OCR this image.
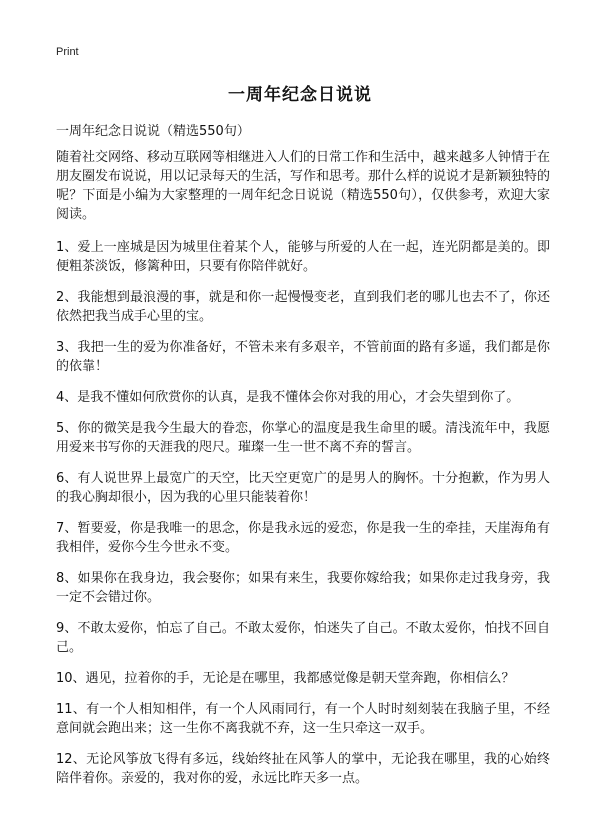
Print
一周年纪念日说说

一周年纪念日说说（精选550句）

随着社交网络、移动互联网等相继进入人们的日常工作和生活中，越来越多人钟情于在朋友圈发布说说，用以记录每天的生活，写作和思考。那什么样的说说才是新颖独特的呢？下面是小编为大家整理的一周年纪念日说说（精选550句），仅供参考，欢迎大家阅读。

1、爱上一座城是因为城里住着某个人，能够与所爱的人在一起，连光阴都是美的。即便粗茶淡饭，修篱种田，只要有你陪伴就好。

2、我能想到最浪漫的事，就是和你一起慢慢变老，直到我们老的哪儿也去不了，你还依然把我当成手心里的宝。

3、我把一生的爱为你准备好，不管未来有多艰辛，不管前面的路有多遥，我们都是你的依靠！

4、是我不懂如何欣赏你的认真，是我不懂体会你对我的用心，才会失望到你了。

5、你的微笑是我今生最大的眷恋，你掌心的温度是我生命里的暖。清浅流年中，我愿用爱来书写你的天涯我的咫尺。璀璨一生一世不离不弃的誓言。

6、有人说世界上最宽广的天空，比天空更宽广的是男人的胸怀。十分抱歉，作为男人的我心胸却很小，因为我的心里只能装着你！

7、暂要爱，你是我唯一的思念，你是我永远的爱恋，你是我一生的牵挂，天崖海角有我相伴，爱你今生今世永不变。

8、如果你在我身边，我会娶你；如果有来生，我要你嫁给我；如果你走过我身旁，我一定不会错过你。

9、不敢太爱你，怕忘了自己。不敢太爱你，怕迷失了自己。不敢太爱你，怕找不回自己。

10、遇见，拉着你的手，无论是在哪里，我都感觉像是朝天堂奔跑，你相信么？

11、有一个人相知相伴，有一个人风雨同行，有一个人时时刻刻装在我脑子里，不经意间就会跑出来；这一生你不离我就不弃，这一生只牵这一双手。

12、无论风筝放飞得有多远，线始终扯在风筝人的掌中，无论我在哪里，我的心始终陪伴着你。亲爱的，我对你的爱，永远比昨天多一点。
